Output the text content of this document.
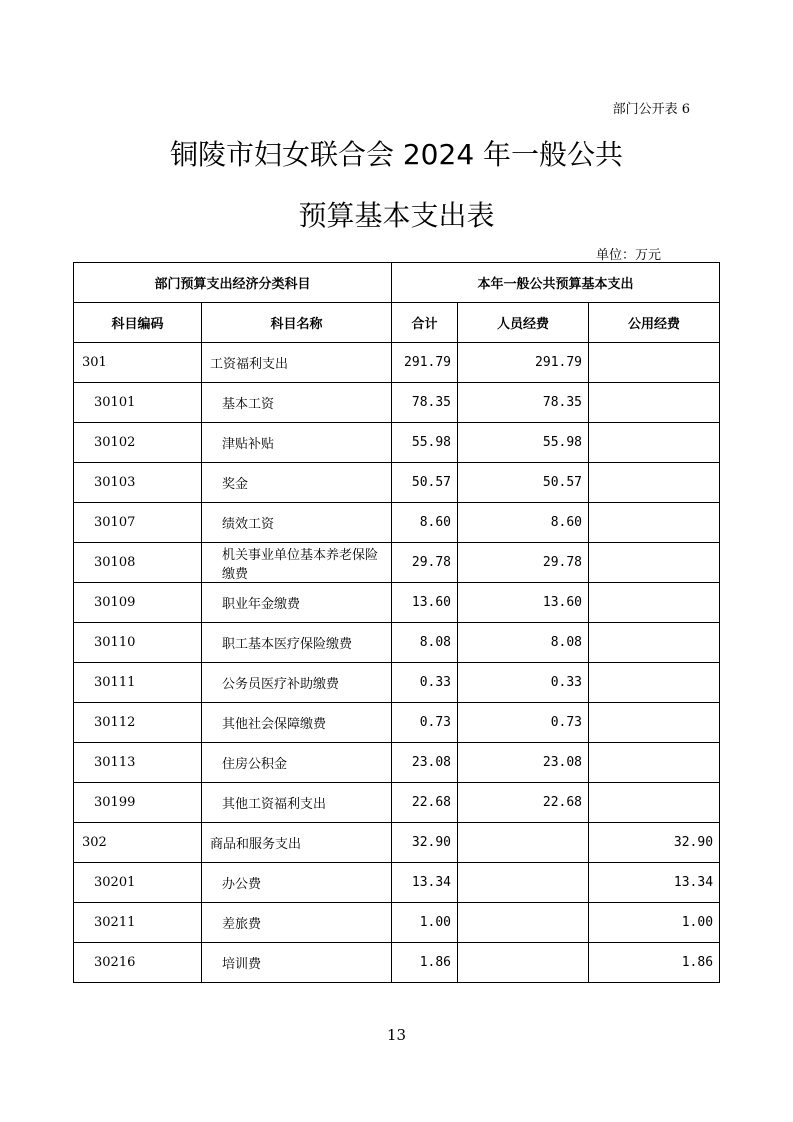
部门公开表 6
铜陵市妇女联合会 2024 年一般公共
预算基本支出表
单位：万元
部门预算支出经济分类科目		本年一般公共预算基本支出		
科目编码	科目名称	合计	人员经费	公用经费
301	工资福利支出	291.79	291.79	
30101	基本工资	78.35	78.35	
30102	津贴补贴	55.98	55.98	
30103	奖金	50.57	50.57	
30107	绩效工资	8.60	8.60	
30108	机关事业单位基本养老保险缴费	29.78	29.78	
30109	职业年金缴费	13.60	13.60	
30110	职工基本医疗保险缴费	8.08	8.08	
30111	公务员医疗补助缴费	0.33	0.33	
30112	其他社会保障缴费	0.73	0.73	
30113	住房公积金	23.08	23.08	
30199	其他工资福利支出	22.68	22.68	
302	商品和服务支出	32.90		32.90
30201	办公费	13.34		13.34
30211	差旅费	1.00		1.00
30216	培训费	1.86		1.86
13
